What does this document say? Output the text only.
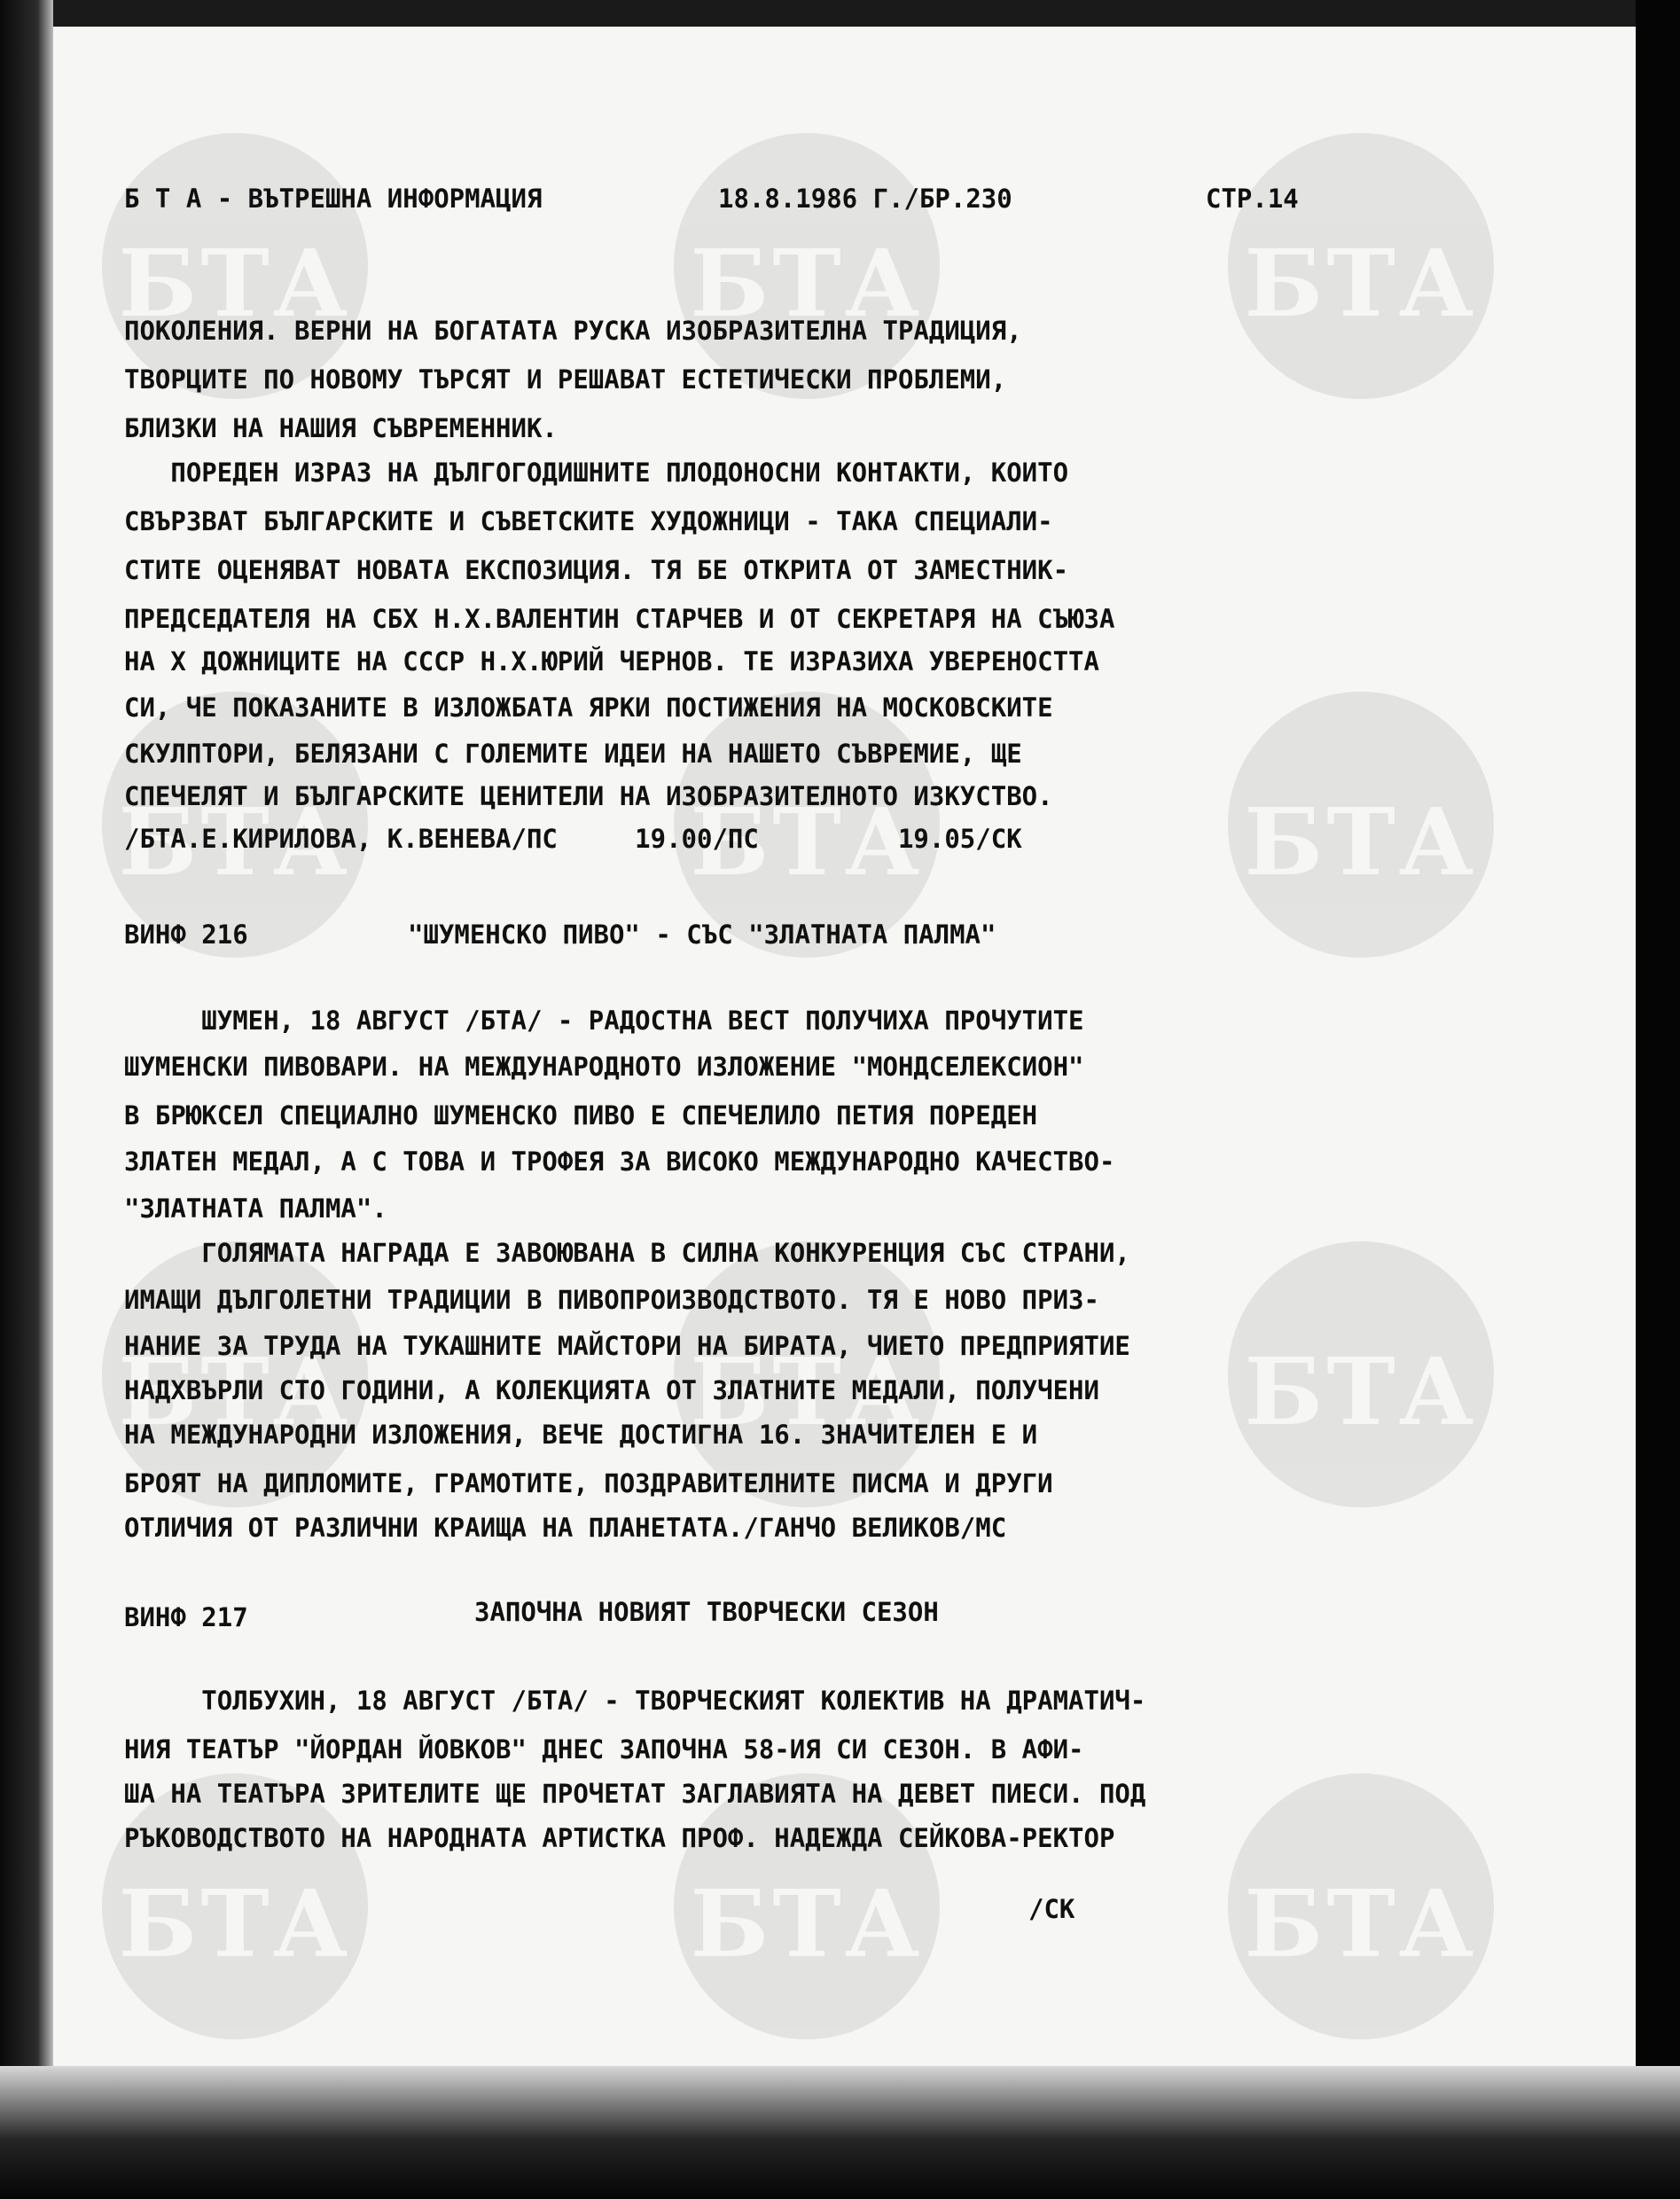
БТА	БТА	БТА
БТА	БТА	БТА
БТА	БТА	БТА
БТА	БТА	БТА

Б Т А - ВЪТРЕШНА ИНФОРМАЦИЯ	18.8.1986 Г./БР.230	СТР.14

ПОКОЛЕНИЯ. ВЕРНИ НА БОГАТАТА РУСКА ИЗОБРАЗИТЕЛНА ТРАДИЦИЯ,

ТВОРЦИТЕ ПО НОВОМУ ТЪРСЯТ И РЕШАВАТ ЕСТЕТИЧЕСКИ ПРОБЛЕМИ,

БЛИЗКИ НА НАШИЯ СЪВРЕМЕННИК.

ПОРЕДЕН ИЗРАЗ НА ДЪЛГОГОДИШНИТЕ ПЛОДОНОСНИ КОНТАКТИ, КОИТО

СВЪРЗВАТ БЪЛГАРСКИТЕ И СЪВЕТСКИТЕ ХУДОЖНИЦИ - ТАКА СПЕЦИАЛИ-

СТИТЕ ОЦЕНЯВАТ НОВАТА ЕКСПОЗИЦИЯ. ТЯ БЕ ОТКРИТА ОТ ЗАМЕСТНИК-

ПРЕДСЕДАТЕЛЯ НА СБХ Н.Х.ВАЛЕНТИН СТАРЧЕВ И ОТ СЕКРЕТАРЯ НА СЪЮЗА

НА Х ДОЖНИЦИТЕ НА СССР Н.Х.ЮРИЙ ЧЕРНОВ. ТЕ ИЗРАЗИХА УВЕРЕНОСТТА

СИ, ЧЕ ПОКАЗАНИТЕ В ИЗЛОЖБАТА ЯРКИ ПОСТИЖЕНИЯ НА МОСКОВСКИТЕ

СКУЛПТОРИ, БЕЛЯЗАНИ С ГОЛЕМИТЕ ИДЕИ НА НАШЕТО СЪВРЕМИЕ, ЩЕ

СПЕЧЕЛЯТ И БЪЛГАРСКИТЕ ЦЕНИТЕЛИ НА ИЗОБРАЗИТЕЛНОТО ИЗКУСТВО.

/БТА.Е.КИРИЛОВА, К.ВЕНЕВА/ПС     19.00/ПС         19.05/СК

ВИНФ 216	"ШУМЕНСКО ПИВО" - СЪС "ЗЛАТНАТА ПАЛМА"

ШУМЕН, 18 АВГУСТ /БТА/ - РАДОСТНА ВЕСТ ПОЛУЧИХА ПРОЧУТИТЕ

ШУМЕНСКИ ПИВОВАРИ. НА МЕЖДУНАРОДНОТО ИЗЛОЖЕНИЕ "МОНДСЕЛЕКСИОН"

В БРЮКСЕЛ СПЕЦИАЛНО ШУМЕНСКО ПИВО Е СПЕЧЕЛИЛО ПЕТИЯ ПОРЕДЕН

ЗЛАТЕН МЕДАЛ, А С ТОВА И ТРОФЕЯ ЗА ВИСОКО МЕЖДУНАРОДНО КАЧЕСТВО-

"ЗЛАТНАТА ПАЛМА".

ГОЛЯМАТА НАГРАДА Е ЗАВОЮВАНА В СИЛНА КОНКУРЕНЦИЯ СЪС СТРАНИ,

ИМАЩИ ДЪЛГОЛЕТНИ ТРАДИЦИИ В ПИВОПРОИЗВОДСТВОТО. ТЯ Е НОВО ПРИЗ-

НАНИЕ ЗА ТРУДА НА ТУКАШНИТЕ МАЙСТОРИ НА БИРАТА, ЧИЕТО ПРЕДПРИЯТИЕ

НАДХВЪРЛИ СТО ГОДИНИ, А КОЛЕКЦИЯТА ОТ ЗЛАТНИТЕ МЕДАЛИ, ПОЛУЧЕНИ

НА МЕЖДУНАРОДНИ ИЗЛОЖЕНИЯ, ВЕЧЕ ДОСТИГНА 16. ЗНАЧИТЕЛЕН Е И

БРОЯТ НА ДИПЛОМИТЕ, ГРАМОТИТЕ, ПОЗДРАВИТЕЛНИТЕ ПИСМА И ДРУГИ

ОТЛИЧИЯ ОТ РАЗЛИЧНИ КРАИЩА НА ПЛАНЕТАТА./ГАНЧО ВЕЛИКОВ/МС

ВИНФ 217	ЗАПОЧНА НОВИЯТ ТВОРЧЕСКИ СЕЗОН

ТОЛБУХИН, 18 АВГУСТ /БТА/ - ТВОРЧЕСКИЯТ КОЛЕКТИВ НА ДРАМАТИЧ-

НИЯ ТЕАТЪР "ЙОРДАН ЙОВКОВ" ДНЕС ЗАПОЧНА 58-ИЯ СИ СЕЗОН. В АФИ-

ША НА ТЕАТЪРА ЗРИТЕЛИТЕ ЩЕ ПРОЧЕТАТ ЗАГЛАВИЯТА НА ДЕВЕТ ПИЕСИ. ПОД

РЪКОВОДСТВОТО НА НАРОДНАТА АРТИСТКА ПРОФ. НАДЕЖДА СЕЙКОВА-РЕКТОР

/СК
